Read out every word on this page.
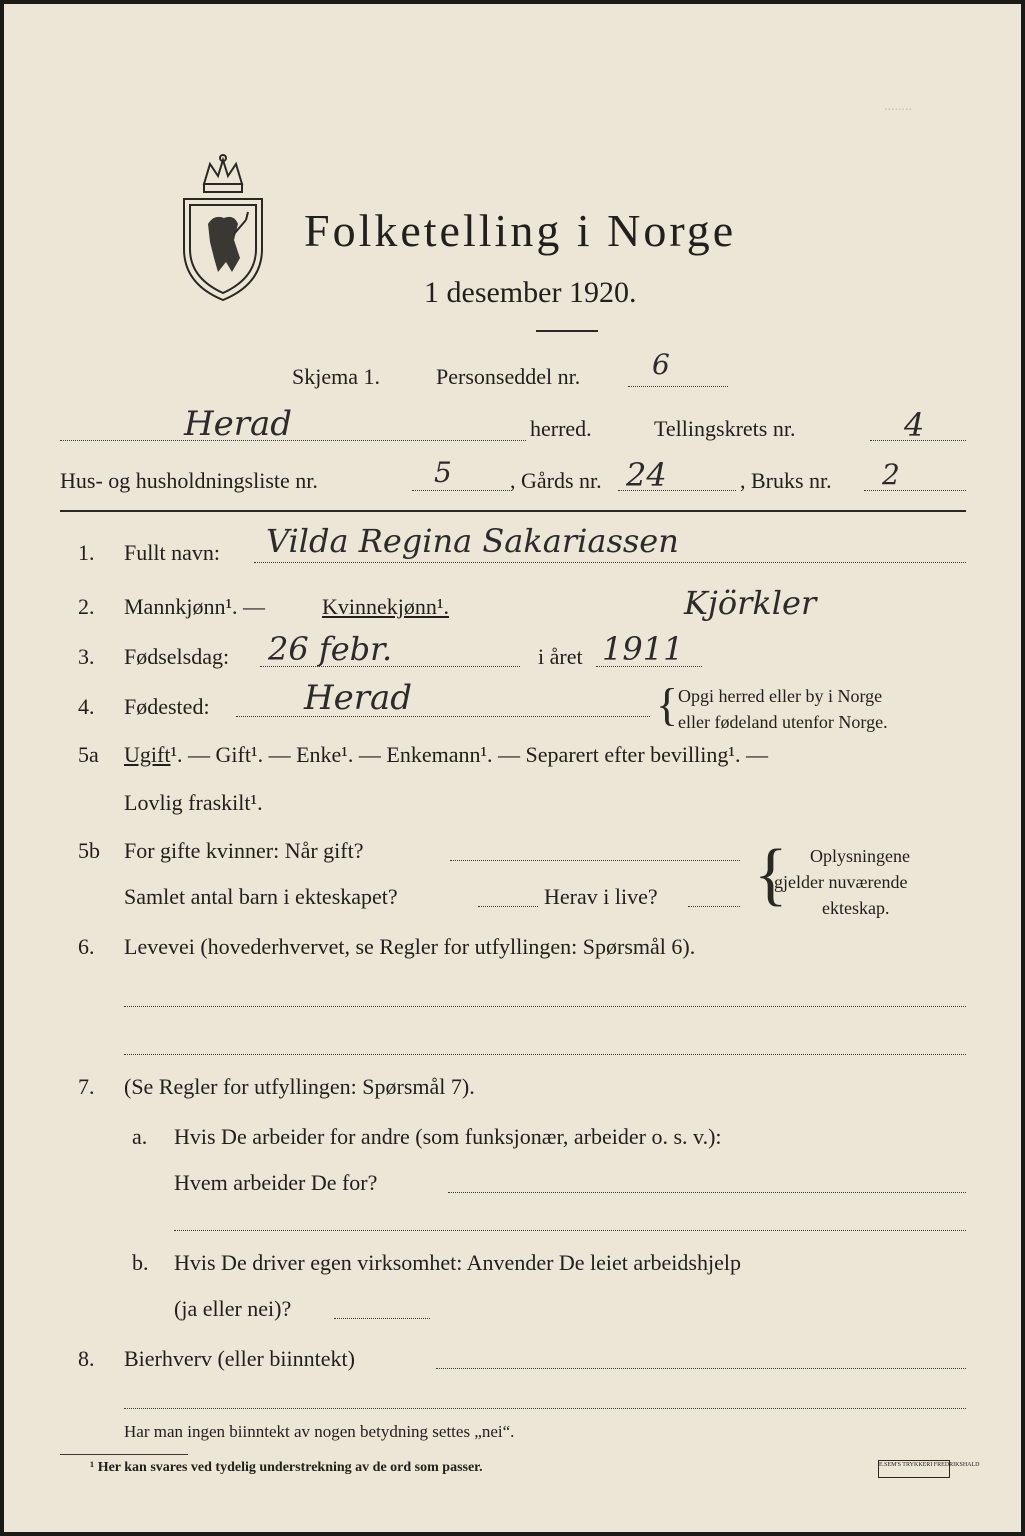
Folketelling i Norge
1 desember 1920.
........
Skjema 1.	Personseddel nr.	6
Herad	herred.	Tellingskrets nr.	4
Hus- og husholdningsliste nr.	5	, Gårds nr. 24	, Bruks nr. 2
1. Fullt navn: Vilda Regina Sakariassen
2. Mannkjønn¹. —	Kvinnekjønn¹.	Kjörkler
3. Fødselsdag: 26 febr.	i året 1911
4. Fødested:	Herad	{ Opgi herred eller by i Norge
eller fødeland utenfor Norge.
5a Ugift¹. — Gift¹. — Enke¹. — Enkemann¹. — Separert efter bevilling¹. —
Lovlig fraskilt¹.
5b For gifte kvinner: Når gift?
Samlet antal barn i ekteskapet?	Herav i live? { Oplysningene
gjelder nuværende
ekteskap.
6. Levevei (hovederhvervet, se Regler for utfyllingen: Spørsmål 6).
7. (Se Regler for utfyllingen: Spørsmål 7).
a. Hvis De arbeider for andre (som funksjonær, arbeider o. s. v.):
Hvem arbeider De for?
b. Hvis De driver egen virksomhet: Anvender De leiet arbeidshjelp
(ja eller nei)?
8. Bierhverv (eller biinntekt)
Har man ingen biinntekt av nogen betydning settes „nei“.
¹ Her kan svares ved tydelig understrekning av de ord som passer.	E.SEM'S TRYKKERI FREDRIKSHALD
